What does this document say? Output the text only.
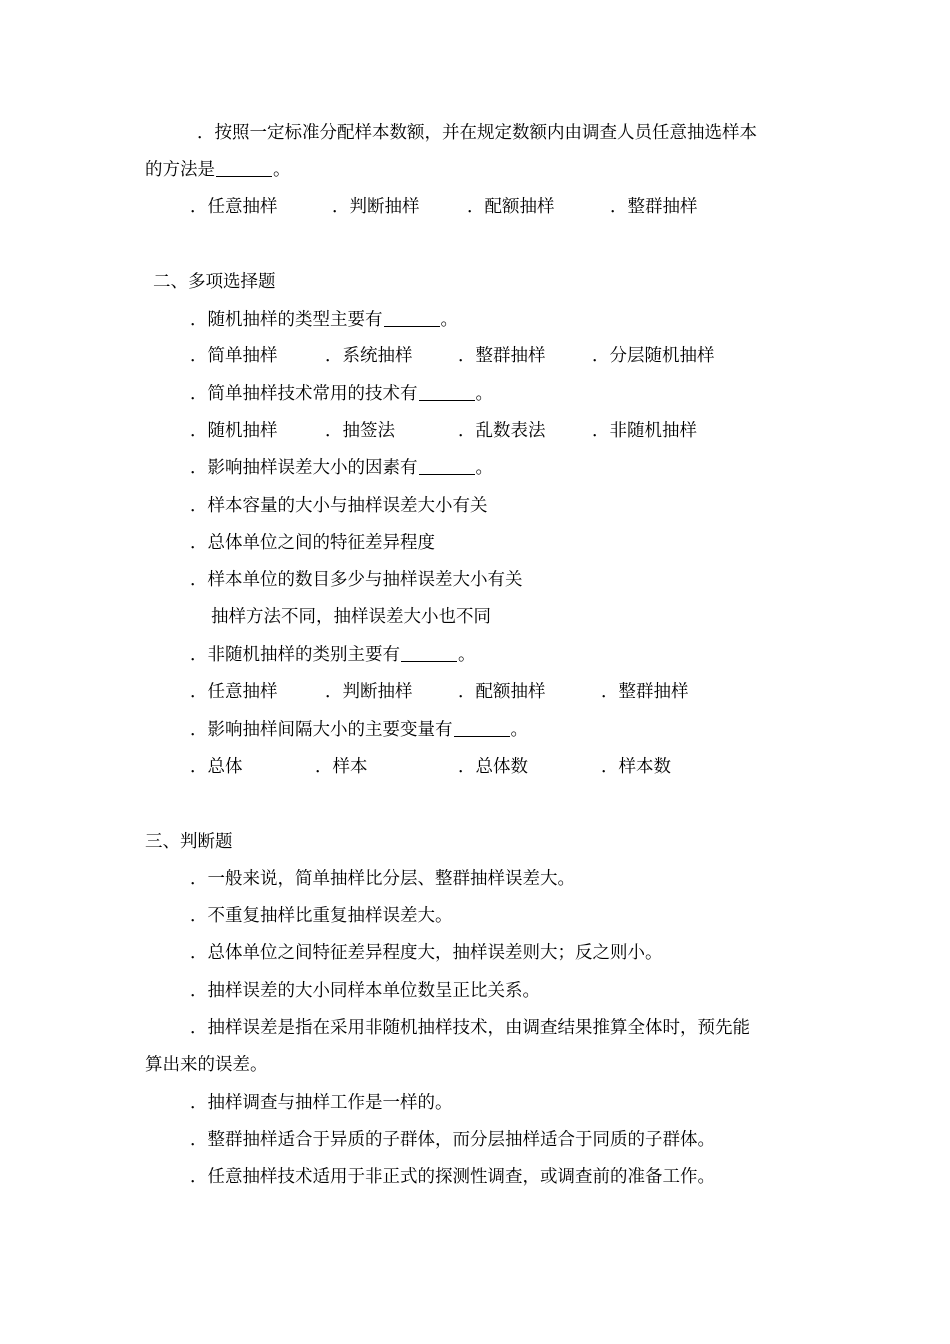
．按照一定标准分配样本数额，并在规定数额内由调查人员任意抽选样本
的方法是	。
．任意抽样	．判断抽样	．配额抽样	．整群抽样
二、多项选择题
．随机抽样的类型主要有	。
．简单抽样	．系统抽样	．整群抽样	．分层随机抽样
．简单抽样技术常用的技术有	。
．随机抽样	．抽签法	．乱数表法	．非随机抽样
．影响抽样误差大小的因素有	。
．样本容量的大小与抽样误差大小有关
．总体单位之间的特征差异程度
．样本单位的数目多少与抽样误差大小有关
抽样方法不同，抽样误差大小也不同
．非随机抽样的类别主要有	。
．任意抽样	．判断抽样	．配额抽样	．整群抽样
．影响抽样间隔大小的主要变量有	。
．总体	．样本	．总体数	．样本数
三、判断题
．一般来说，简单抽样比分层、整群抽样误差大。
．不重复抽样比重复抽样误差大。
．总体单位之间特征差异程度大，抽样误差则大；反之则小。
．抽样误差的大小同样本单位数呈正比关系。
．抽样误差是指在采用非随机抽样技术，由调查结果推算全体时，预先能
算出来的误差。
．抽样调查与抽样工作是一样的。
．整群抽样适合于异质的子群体，而分层抽样适合于同质的子群体。
．任意抽样技术适用于非正式的探测性调查，或调查前的准备工作。
